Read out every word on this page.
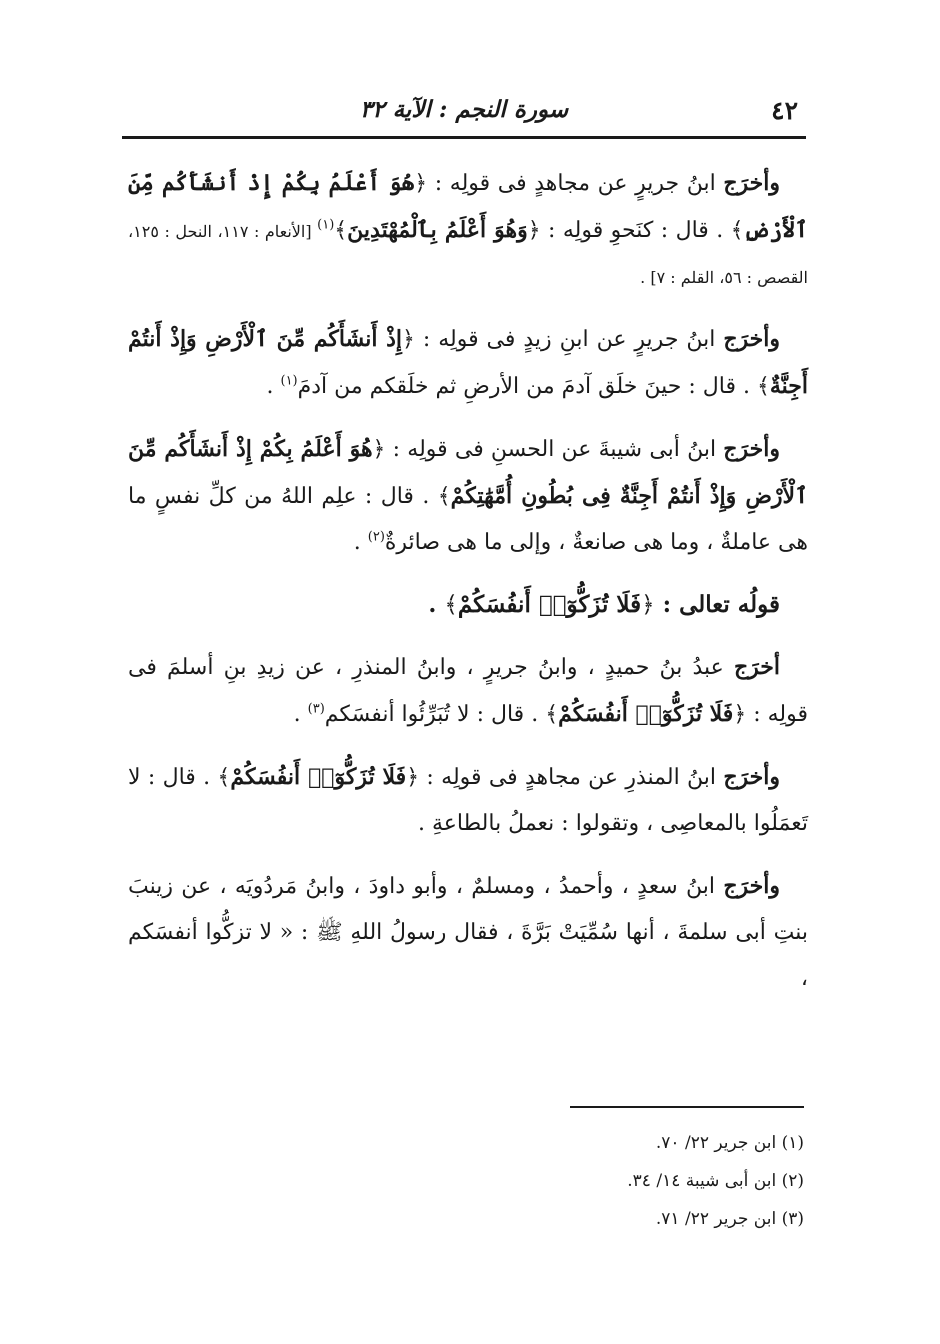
٤٢
سورة النجم : الآية ٣٢

وأخرَج ابنُ جريرٍ عن مجاهدٍ فى قولِه : ﴿هُوَ أَعْلَمُ بِكُمْ إِذْ أَنشَأَكُم مِّنَ ٱلْأَرْضِ﴾ . قال : كنَحوِ قولِه : ﴿وَهُوَ أَعْلَمُ بِٱلْمُهْتَدِينَ﴾$^{(١)}$ [الأنعام : ١١٧، النحل : ١٢٥، القصص : ٥٦، القلم : ٧] .

وأخرَج ابنُ جريرٍ عن ابنِ زيدٍ فى قولِه : ﴿إِذْ أَنشَأَكُم مِّنَ ٱلْأَرْضِ وَإِذْ أَنتُمْ أَجِنَّةٌ﴾ . قال : حينَ خلَق آدمَ من الأرضِ ثم خلَقكم من آدمَ$^{(١)}$ .

وأخرَج ابنُ أبى شيبةَ عن الحسنِ فى قولِه : ﴿هُوَ أَعْلَمُ بِكُمْ إِذْ أَنشَأَكُم مِّنَ ٱلْأَرْضِ وَإِذْ أَنتُمْ أَجِنَّةٌ فِى بُطُونِ أُمَّهَٰتِكُمْ﴾ . قال : علِم اللهُ من كلِّ نفسٍ ما هى عاملةٌ ، وما هى صانعةٌ ، وإلى ما هى صائرةٌ$^{(٢)}$ .

قولُه تعالى : ﴿فَلَا تُزَكُّوٓا۟ أَنفُسَكُمْ﴾ .

أخرَج عبدُ بنُ حميدٍ ، وابنُ جريرٍ ، وابنُ المنذرِ ، عن زيدِ بنِ أسلمَ فى قولِه : ﴿فَلَا تُزَكُّوٓا۟ أَنفُسَكُمْ﴾ . قال : لا تُبَرِّئُوا أنفسَكم$^{(٣)}$ .

وأخرَج ابنُ المنذرِ عن مجاهدٍ فى قولِه : ﴿فَلَا تُزَكُّوٓا۟ أَنفُسَكُمْ﴾ . قال : لا تَعمَلُوا بالمعاصِى ، وتقولوا : نعملُ بالطاعةِ .

وأخرَج ابنُ سعدٍ ، وأحمدُ ، ومسلمٌ ، وأبو داودَ ، وابنُ مَردُويَه ، عن زينبَ بنتِ أبى سلمةَ ، أنها سُمِّيَتْ بَرَّةَ ، فقال رسولُ اللهِ ﷺ : « لا تزكُّوا أنفسَكم ،

(١) ابن جرير ٢٢/ ٧٠.

(٢) ابن أبى شيبة ١٤/ ٣٤.

(٣) ابن جرير ٢٢/ ٧١.
